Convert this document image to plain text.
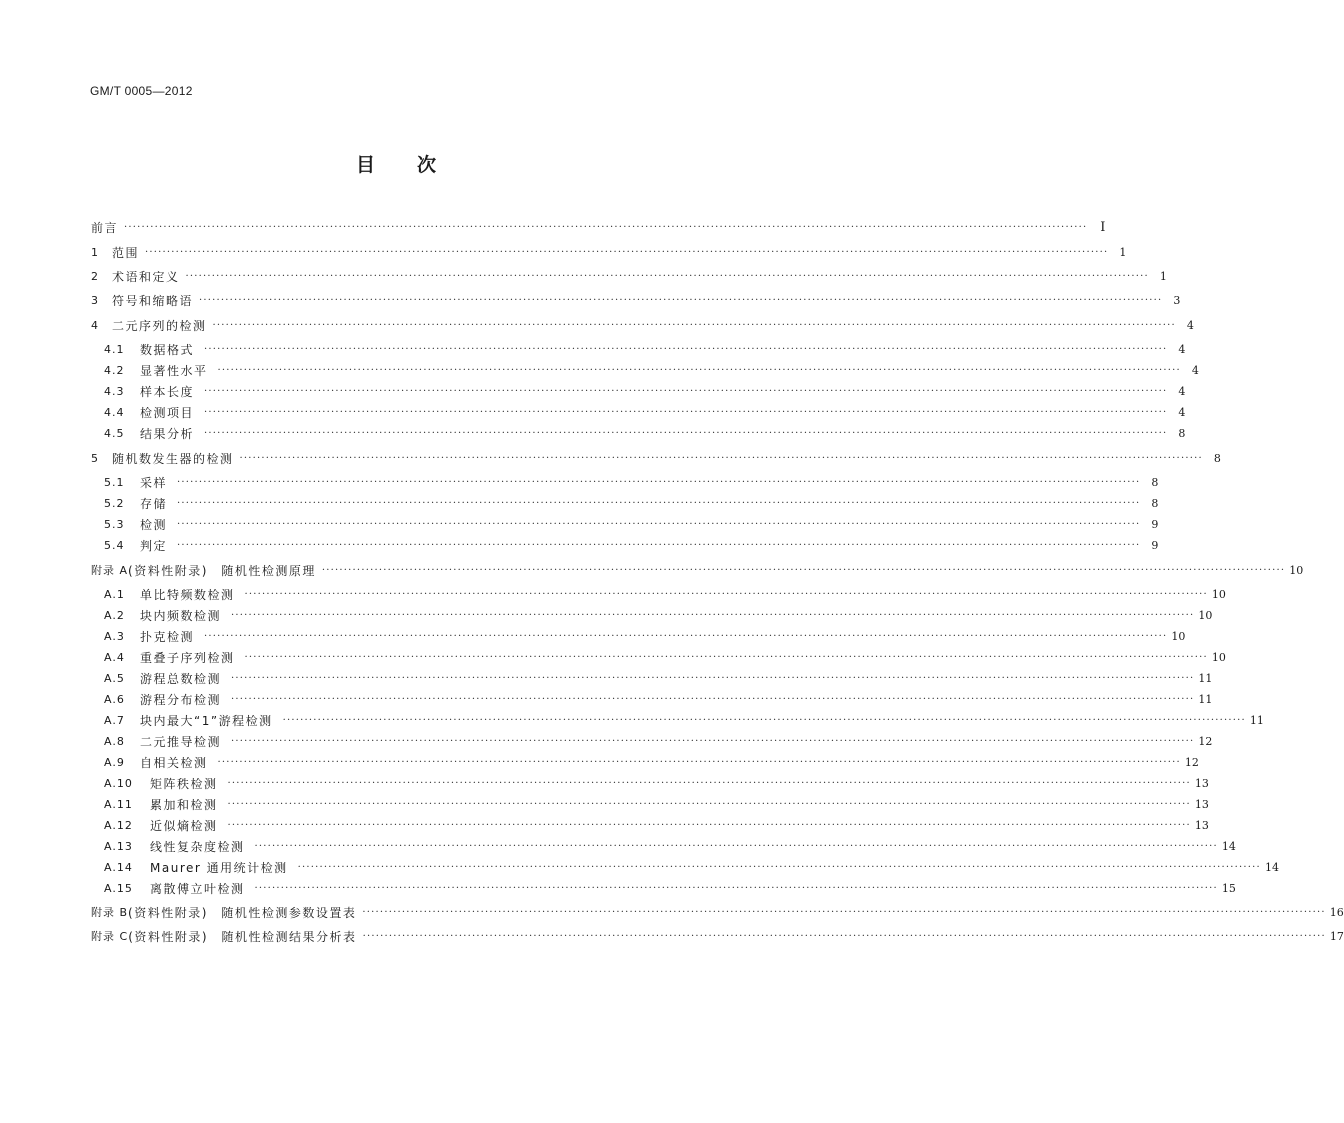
GM/T 0005—2012
目 次
前言 ···························································································································································································································· I
1	范围 ····························································································································································································································	1
2	术语和定义 ····························································································································································································································	1
3	符号和缩略语 ····························································································································································································································	3
4	二元序列的检测 ····························································································································································································································	4
4.1	数据格式 ····························································································································································································································	4
4.2	显著性水平 ····························································································································································································································	4
4.3	样本长度 ····························································································································································································································	4
4.4	检测项目 ····························································································································································································································	4
4.5	结果分析 ····························································································································································································································	8
5	随机数发生器的检测 ····························································································································································································································	8
5.1	采样 ····························································································································································································································	8
5.2	存储 ····························································································································································································································	8
5.3	检测 ····························································································································································································································	9
5.4	判定 ····························································································································································································································	9
附录 A (资料性附录)　随机性检测原理 ···························································································································································································································· 10
A.1	单比特频数检测 ···························································································································································································································· 10
A.2	块内频数检测 ···························································································································································································································· 10
A.3	扑克检测 ···························································································································································································································· 10
A.4	重叠子序列检测 ···························································································································································································································· 10
A.5	游程总数检测 ···························································································································································································································· 11
A.6	游程分布检测 ···························································································································································································································· 11
A.7	块内最大“1”游程检测 ···························································································································································································································· 11
A.8	二元推导检测 ···························································································································································································································· 12
A.9	自相关检测 ···························································································································································································································· 12
A.10	矩阵秩检测 ···························································································································································································································· 13
A.11	累加和检测 ···························································································································································································································· 13
A.12	近似熵检测 ···························································································································································································································· 13
A.13	线性复杂度检测 ···························································································································································································································· 14
A.14	Maurer 通用统计检测 ···························································································································································································································· 14
A.15	离散傅立叶检测 ···························································································································································································································· 15
附录 B (资料性附录)　随机性检测参数设置表 ···························································································································································································································· 16
附录 C (资料性附录)　随机性检测结果分析表 ···························································································································································································································· 17
